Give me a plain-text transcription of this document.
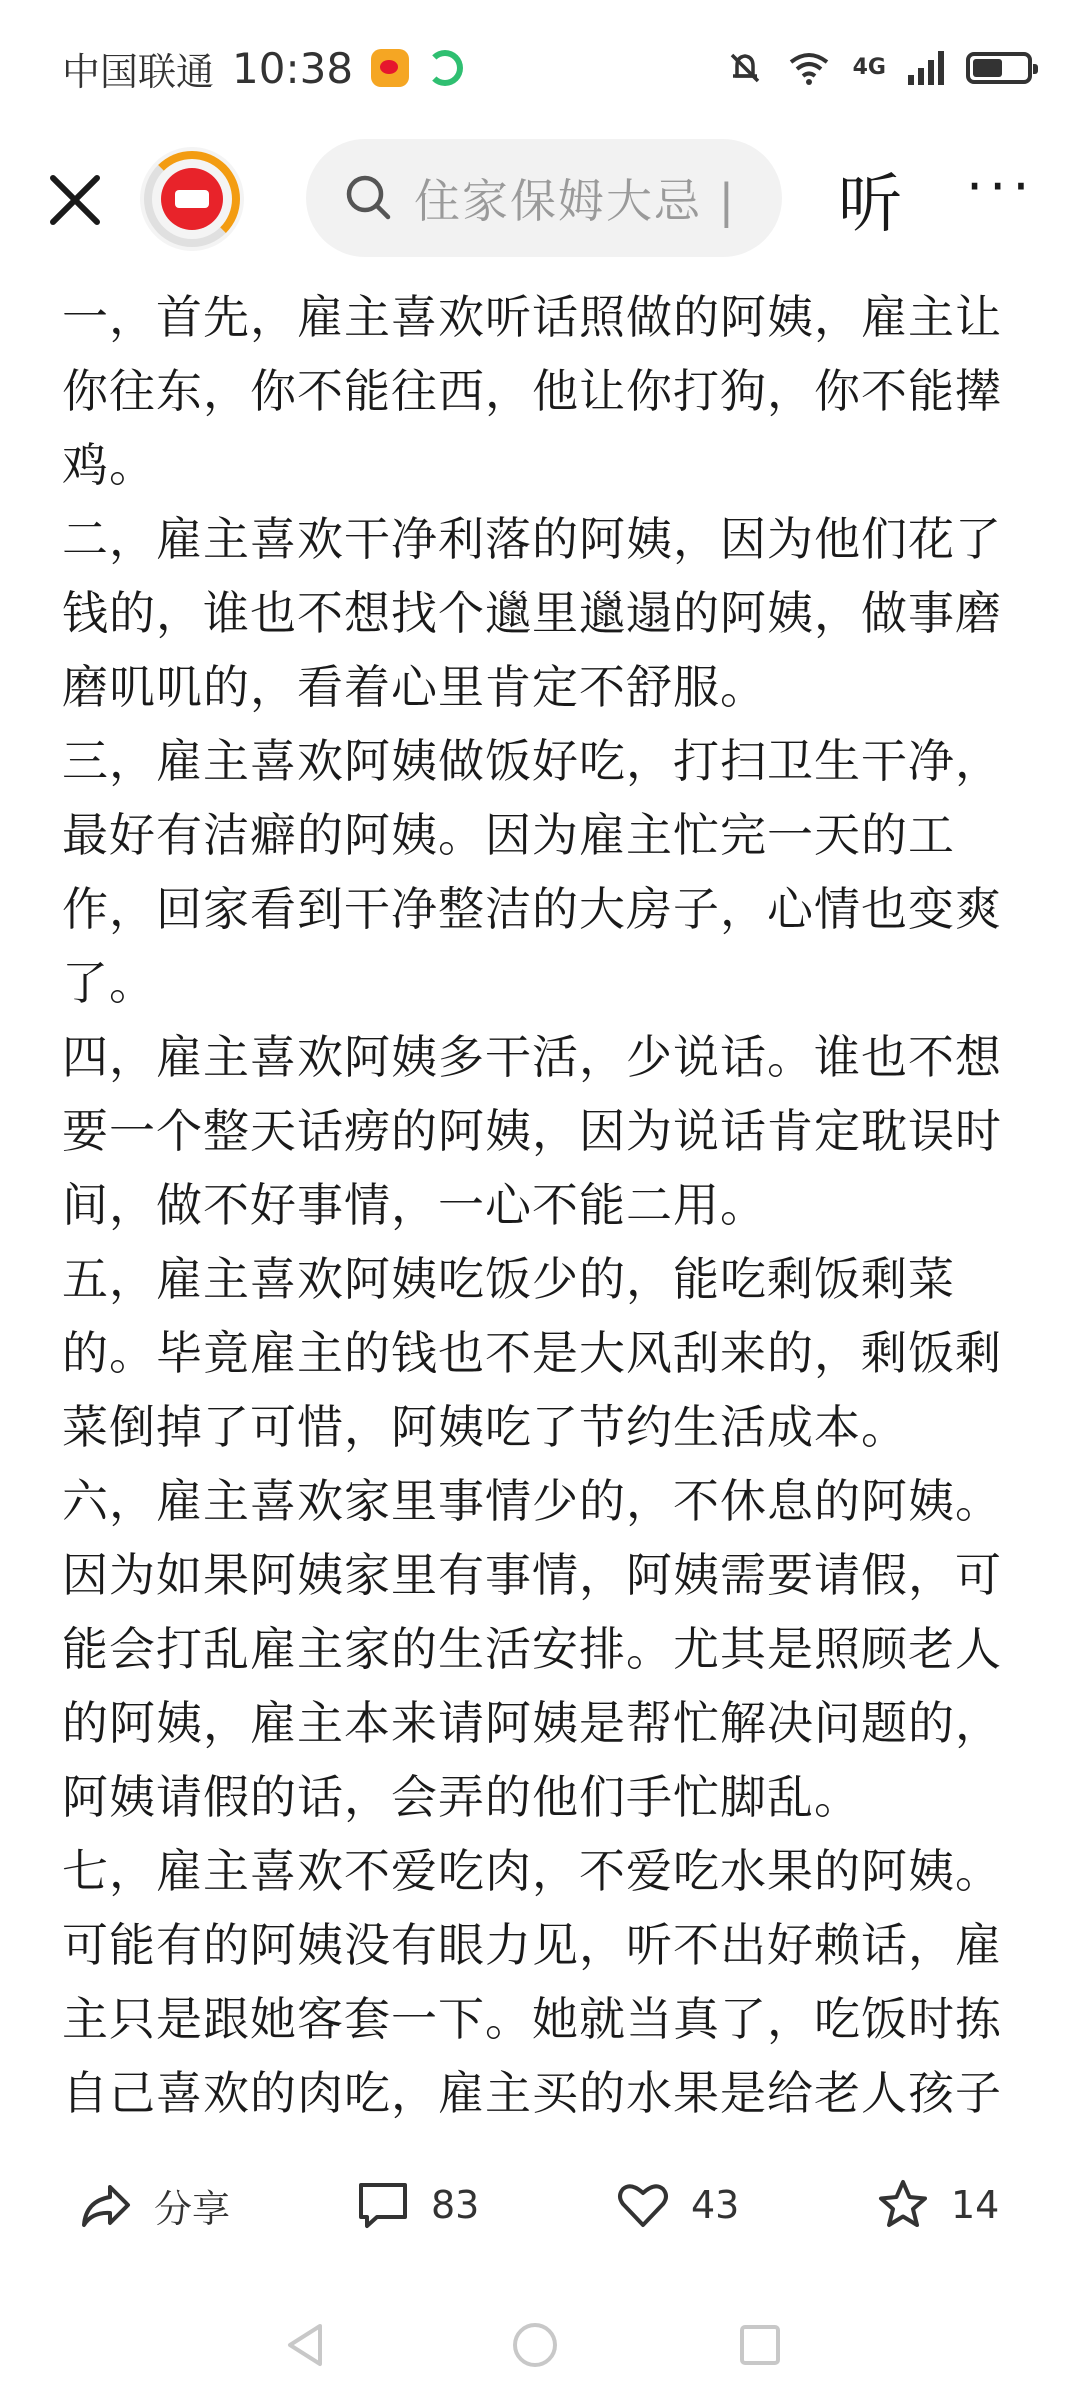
中国联通 10:38	4G
住家保姆大忌 | 听 ···

一，首先，雇主喜欢听话照做的阿姨，雇主让你往东，你不能往西，他让你打狗，你不能撵鸡。

二，雇主喜欢干净利落的阿姨，因为他们花了钱的，谁也不想找个邋里邋遢的阿姨，做事磨磨叽叽的，看着心里肯定不舒服。

三，雇主喜欢阿姨做饭好吃，打扫卫生干净，最好有洁癖的阿姨。因为雇主忙完一天的工作，回家看到干净整洁的大房子，心情也变爽了。

四，雇主喜欢阿姨多干活，少说话。谁也不想要一个整天话痨的阿姨，因为说话肯定耽误时间，做不好事情，一心不能二用。

五，雇主喜欢阿姨吃饭少的，能吃剩饭剩菜的。毕竟雇主的钱也不是大风刮来的，剩饭剩菜倒掉了可惜，阿姨吃了节约生活成本。

六，雇主喜欢家里事情少的，不休息的阿姨。因为如果阿姨家里有事情，阿姨需要请假，可能会打乱雇主家的生活安排。尤其是照顾老人的阿姨，雇主本来请阿姨是帮忙解决问题的，阿姨请假的话，会弄的他们手忙脚乱。

七，雇主喜欢不爱吃肉，不爱吃水果的阿姨。可能有的阿姨没有眼力见，听不出好赖话，雇主只是跟她客套一下。她就当真了，吃饭时拣自己喜欢的肉吃，雇主买的水果是给老人孩子

分享	83	43	14
